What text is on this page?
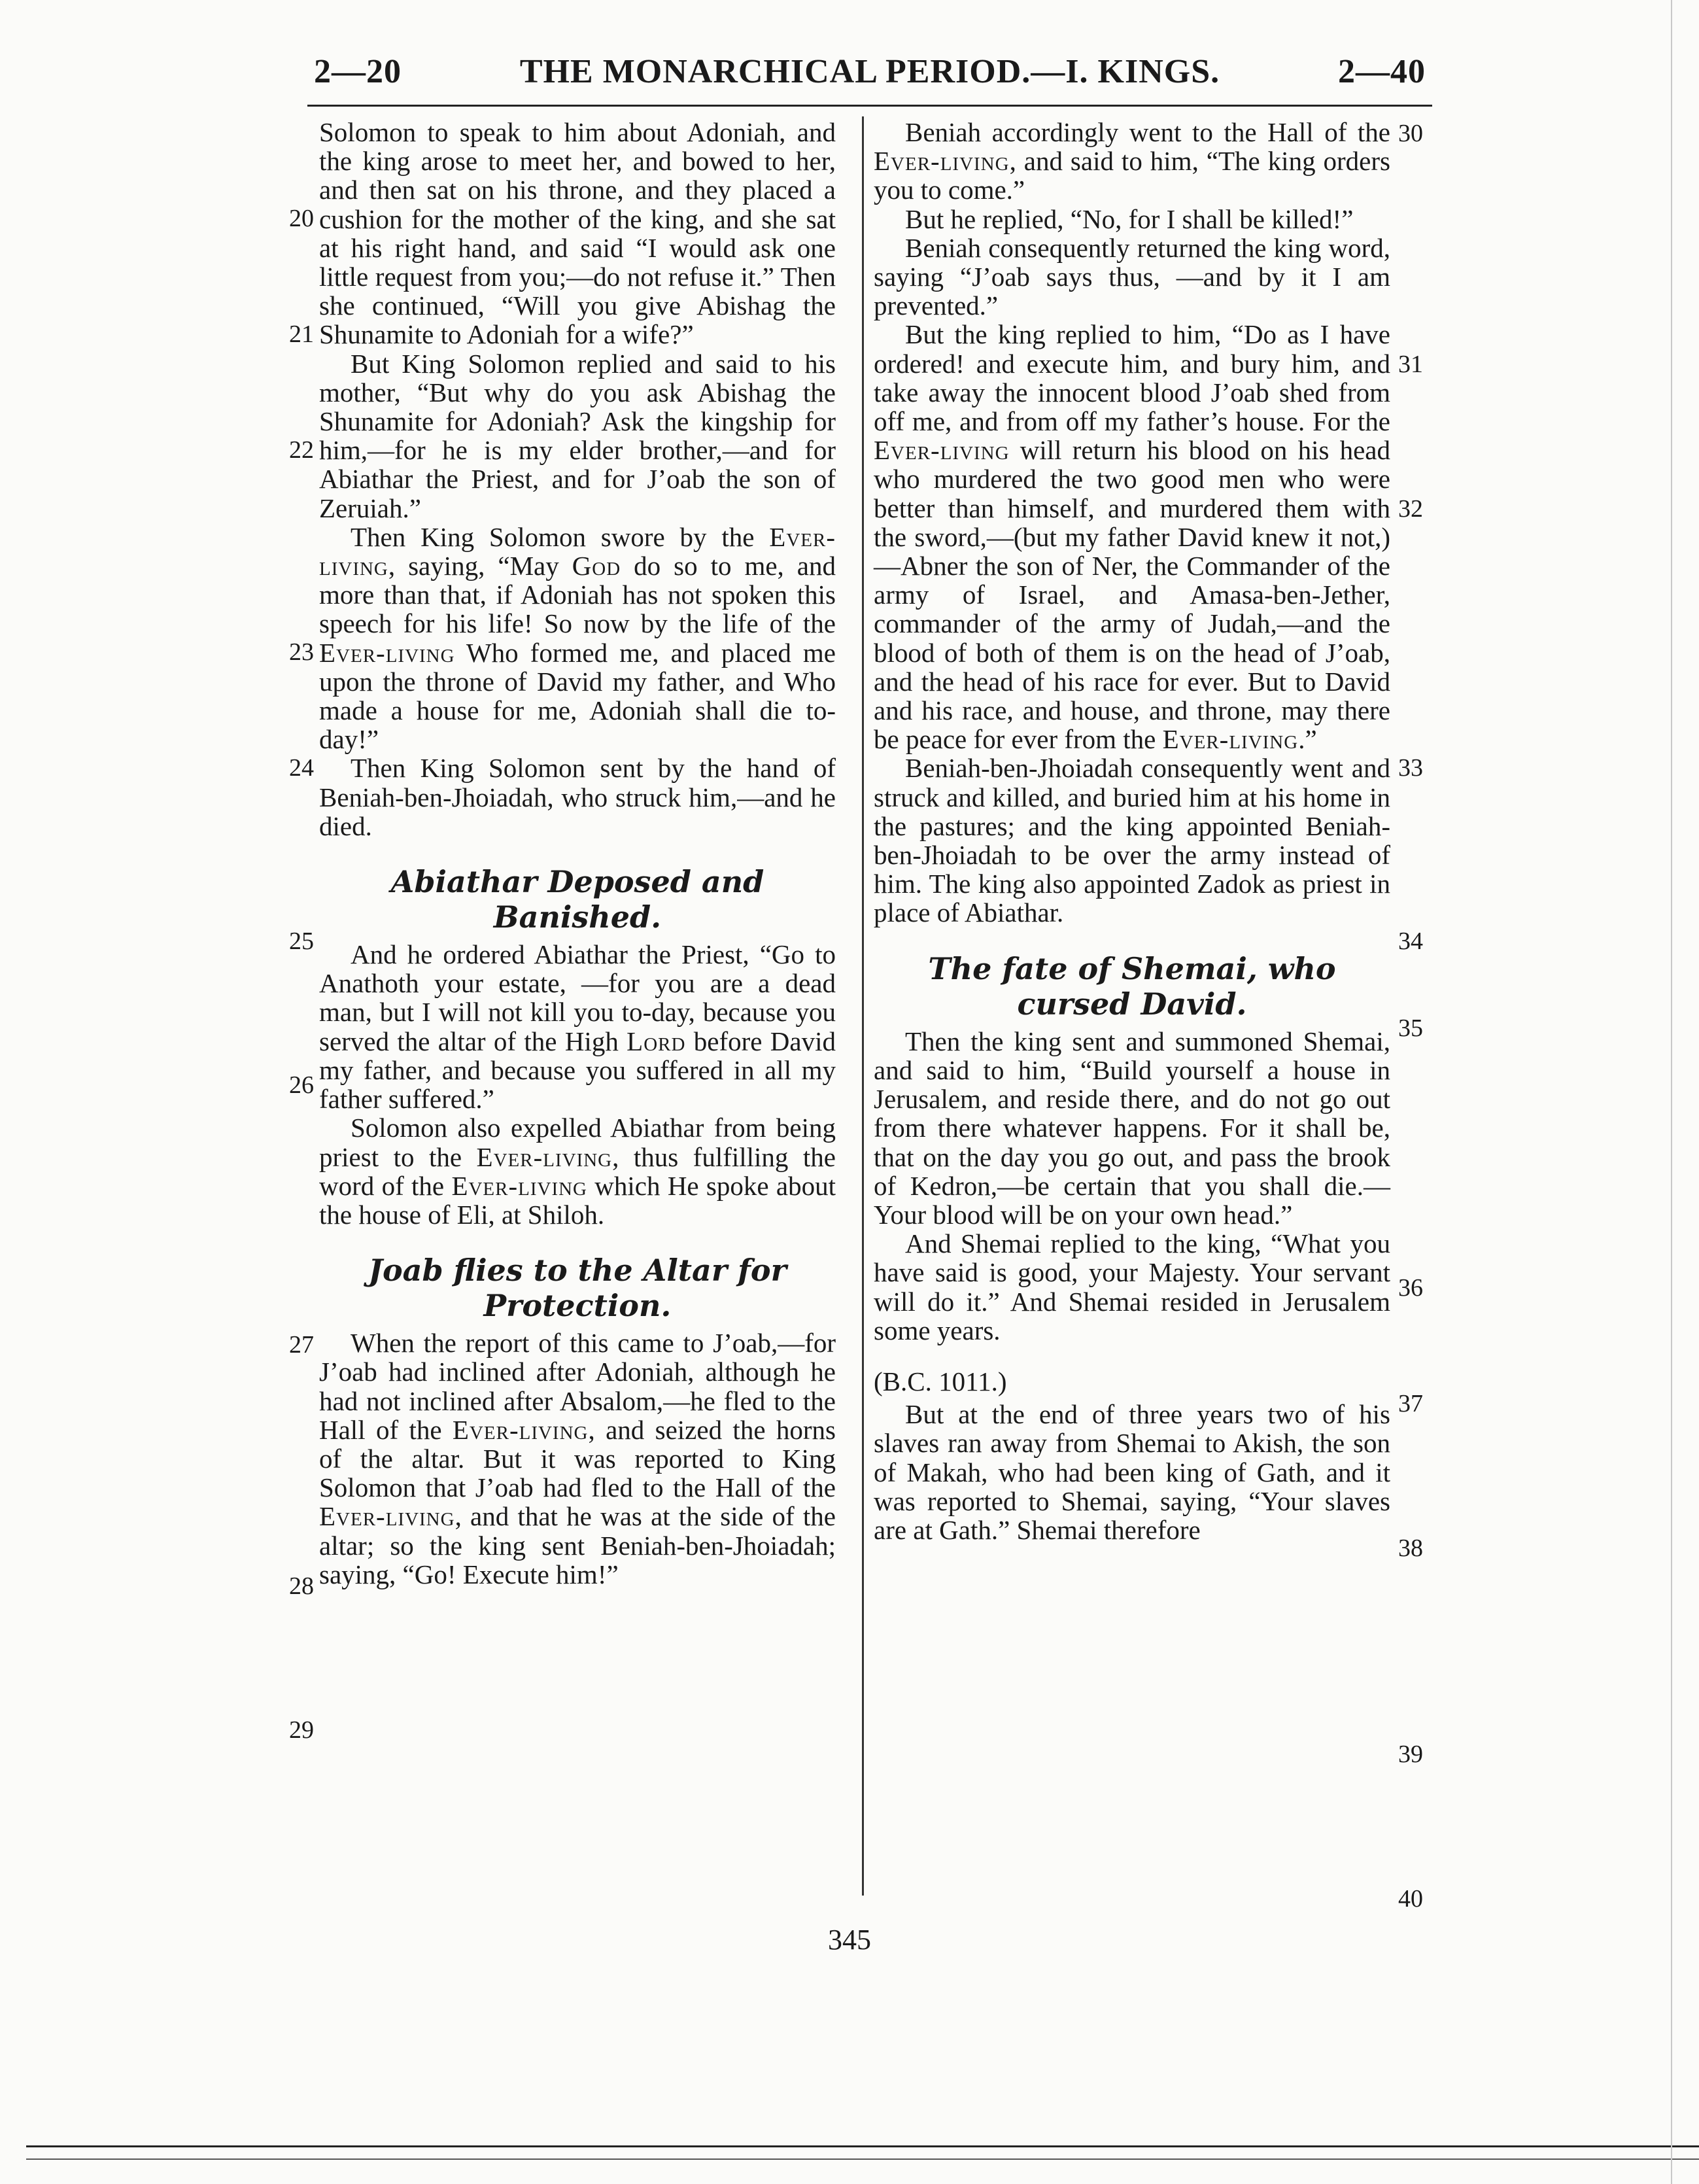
2—20	THE MONARCHICAL PERIOD.—I. KINGS.	2—40

Solomon to speak to him about Adoniah, and the king arose to meet her, and bowed to her, and then sat on his throne, and they placed a cushion for the mother of the king, and she sat at his right hand, and said “I would ask one little request from you;—do not refuse it.” Then she continued, “Will you give Abishag the Shunamite to Adoniah for a wife?”

But King Solomon replied and said to his mother, “But why do you ask Abishag the Shunamite for Adoniah? Ask the kingship for him,—for he is my elder brother,—and for Abiathar the Priest, and for J’oab the son of Zeruiah.”

Then King Solomon swore by the Ever-living, saying, “May God do so to me, and more than that, if Adoniah has not spoken this speech for his life! So now by the life of the Ever-living Who formed me, and placed me upon the throne of David my father, and Who made a house for me, Adoniah shall die to-day!”

Then King Solomon sent by the hand of Beniah-ben-Jhoiadah, who struck him,—and he died.

Abiathar Deposed and Banished.

And he ordered Abiathar the Priest, “Go to Anathoth your estate, —for you are a dead man, but I will not kill you to-day, because you served the altar of the High Lord before David my father, and because you suffered in all my father suffered.”

Solomon also expelled Abiathar from being priest to the Ever-living, thus fulfilling the word of the Ever-living which He spoke about the house of Eli, at Shiloh.

Joab flies to the Altar for Protection.

When the report of this came to J’oab,—for J’oab had inclined after Adoniah, although he had not inclined after Absalom,—he fled to the Hall of the Ever-living, and seized the horns of the altar. But it was reported to King Solomon that J’oab had fled to the Hall of the Ever-living, and that he was at the side of the altar; so the king sent Beniah-ben-Jhoiadah; saying, “Go! Execute him!”

Beniah accordingly went to the Hall of the Ever-living, and said to him, “The king orders you to come.”

But he replied, “No, for I shall be killed!”

Beniah consequently returned the king word, saying “J’oab says thus, —and by it I am prevented.”

But the king replied to him, “Do as I have ordered! and execute him, and bury him, and take away the innocent blood J’oab shed from off me, and from off my father’s house. For the Ever-living will return his blood on his head who murdered the two good men who were better than himself, and murdered them with the sword,—(but my father David knew it not,)—Abner the son of Ner, the Commander of the army of Israel, and Amasa-ben-Jether, commander of the army of Judah,—and the blood of both of them is on the head of J’oab, and the head of his race for ever. But to David and his race, and house, and throne, may there be peace for ever from the Ever-living.”

Beniah-ben-Jhoiadah consequently went and struck and killed, and buried him at his home in the pastures; and the king appointed Beniah-ben-Jhoiadah to be over the army instead of him. The king also appointed Zadok as priest in place of Abiathar.

The fate of Shemai, who cursed David.

Then the king sent and summoned Shemai, and said to him, “Build yourself a house in Jerusalem, and reside there, and do not go out from there whatever happens. For it shall be, that on the day you go out, and pass the brook of Kedron,—be certain that you shall die.—Your blood will be on your own head.”

And Shemai replied to the king, “What you have said is good, your Majesty. Your servant will do it.” And Shemai resided in Jerusalem some years.

(B.C. 1011.)

But at the end of three years two of his slaves ran away from Shemai to Akish, the son of Makah, who had been king of Gath, and it was reported to Shemai, saying, “Your slaves are at Gath.” Shemai therefore

20
21
22
23
24
25
26
27
28
29
30
31
32
33
34
35
36
37
38
39
40
345
